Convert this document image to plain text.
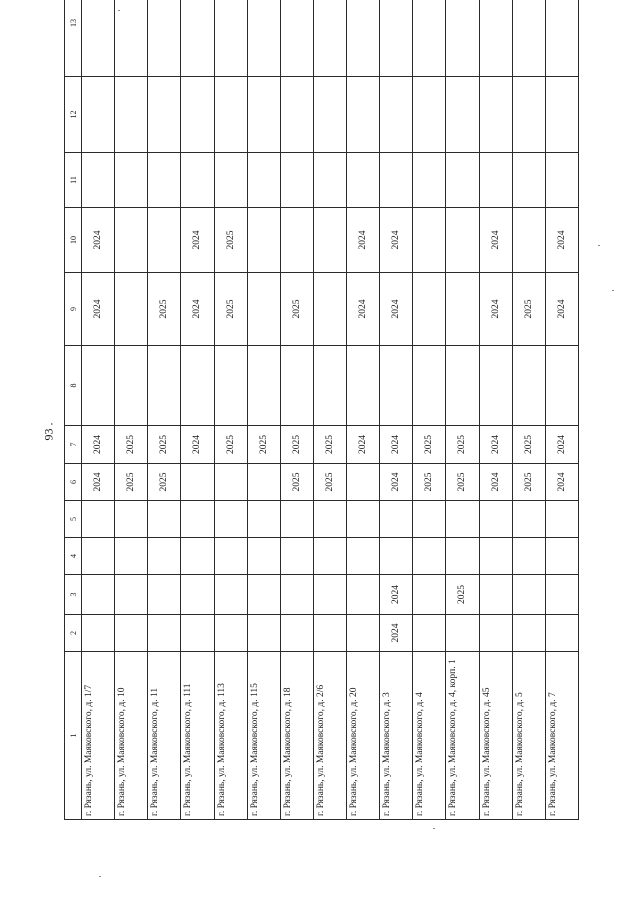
93 .
1	2	3	4	5	6	7	8	9	10	11	12	13
г. Рязань, ул. Маяковского, д. 1/7					2024	2024		2024	2024			
г. Рязань, ул. Маяковского, д. 10					2025	2025						
г. Рязань, ул. Маяковского, д. 11					2025	2025		2025				
г. Рязань, ул. Маяковского, д. 111						2024		2024	2024			
г. Рязань, ул. Маяковского, д. 113						2025		2025	2025			
г. Рязань, ул. Маяковского, д. 115						2025						
г. Рязань, ул. Маяковского, д. 18					2025	2025		2025				
г. Рязань, ул. Маяковского, д. 2/6					2025	2025						
г. Рязань, ул. Маяковского, д. 20						2024		2024	2024			
г. Рязань, ул. Маяковского, д. 3	2024	2024			2024	2024		2024	2024			
г. Рязань, ул. Маяковского, д. 4					2025	2025						
г. Рязань, ул. Маяковского, д. 4, корп. 1		2025			2025	2025						
г. Рязань, ул. Маяковского, д. 45					2024	2024		2024	2024			
г. Рязань, ул. Маяковского, д. 5					2025	2025		2025				
г. Рязань, ул. Маяковского, д. 7					2024	2024		2024	2024			
